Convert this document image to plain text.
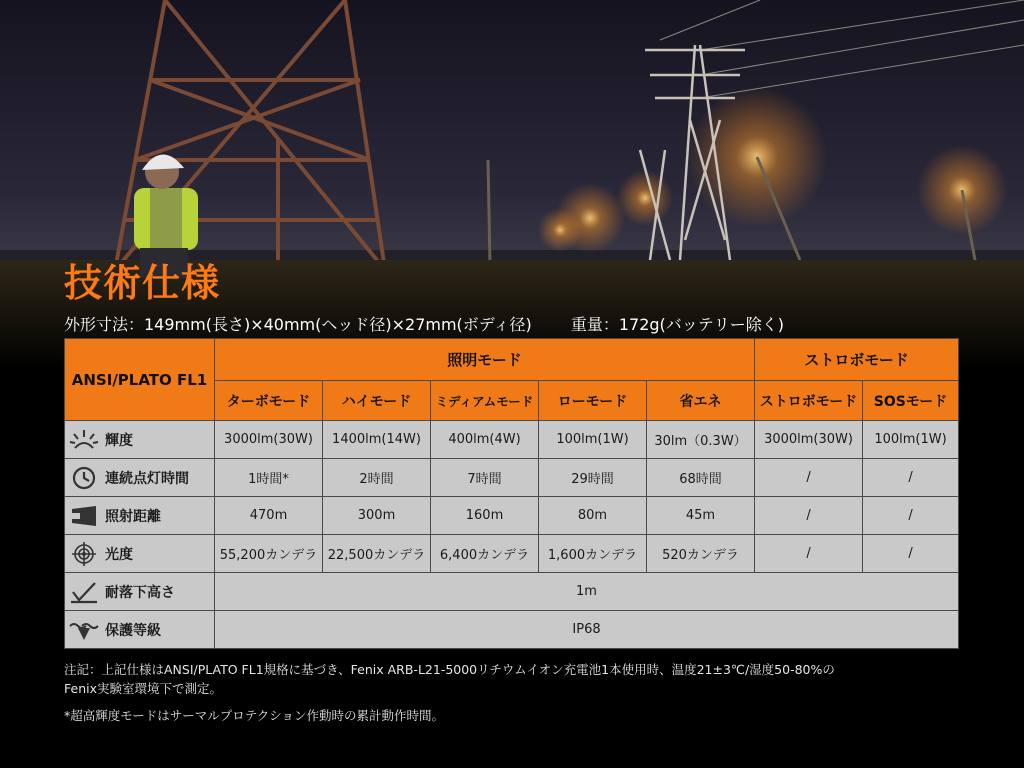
技術仕様
外形寸法：149mm(長さ)×40mm(ヘッド径)×27mm(ボディ径) 重量：172g(バッテリー除く)
ANSI/PLATO FL1	照明モード					ストロボモード	
	ターボモード	ハイモード	ミディアムモード	ローモード	省エネ	ストロボモード	SOSモード

輝度	3000lm(30W)	1400lm(14W)	400lm(4W)	100lm(1W)	30lm（0.3W）	3000lm(30W)	100lm(1W)

連続点灯時間	1時間*	2時間	7時間	29時間	68時間	/	/

照射距離	470m	300m	160m	80m	45m	/	/

光度	55,200カンデラ	22,500カンデラ	6,400カンデラ	1,600カンデラ	520カンデラ	/	/

耐落下高さ	1m						

保護等級	IP68						

注記：上記仕様はANSI/PLATO FL1規格に基づき、Fenix ARB-L21-5000リチウムイオン充電池1本使用時、温度21±3℃/湿度50-80%の

Fenix実験室環境下で測定。

*超高輝度モードはサーマルプロテクション作動時の累計動作時間。
